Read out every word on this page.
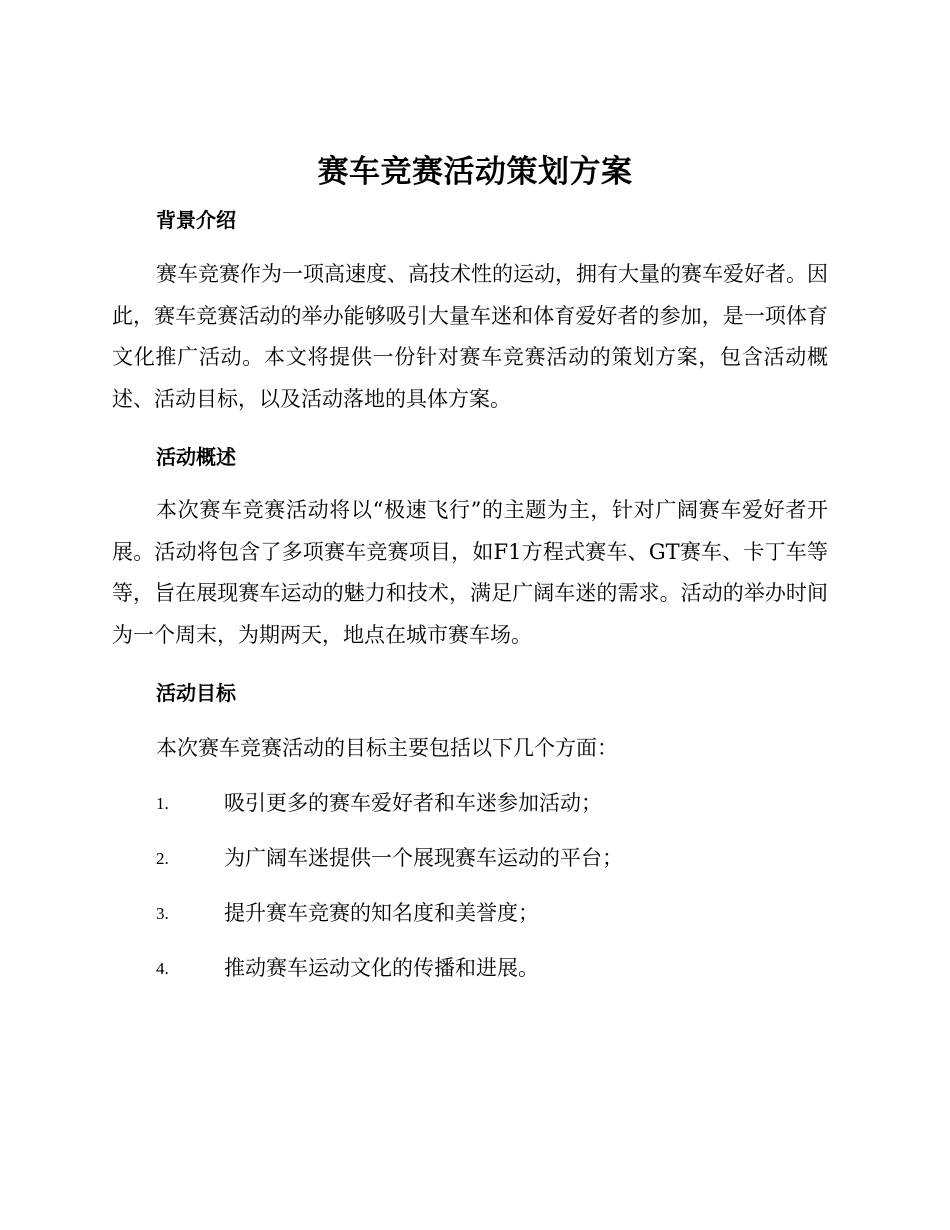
赛车竞赛活动策划方案
背景介绍

赛车竞赛作为一项高速度、高技术性的运动，拥有大量的赛车爱好者。因此，赛车竞赛活动的举办能够吸引大量车迷和体育爱好者的参加，是一项体育文化推广活动。本文将提供一份针对赛车竞赛活动的策划方案，包含活动概述、活动目标，以及活动落地的具体方案。

活动概述

本次赛车竞赛活动将以“极速飞行”的主题为主，针对广阔赛车爱好者开展。活动将包含了多项赛车竞赛项目，如F1方程式赛车、GT赛车、卡丁车等等，旨在展现赛车运动的魅力和技术，满足广阔车迷的需求。活动的举办时间为一个周末，为期两天，地点在城市赛车场。

活动目标
本次赛车竞赛活动的目标主要包括以下几个方面：
1.	吸引更多的赛车爱好者和车迷参加活动；
2.	为广阔车迷提供一个展现赛车运动的平台；
3.	提升赛车竞赛的知名度和美誉度；
4.	推动赛车运动文化的传播和进展。
